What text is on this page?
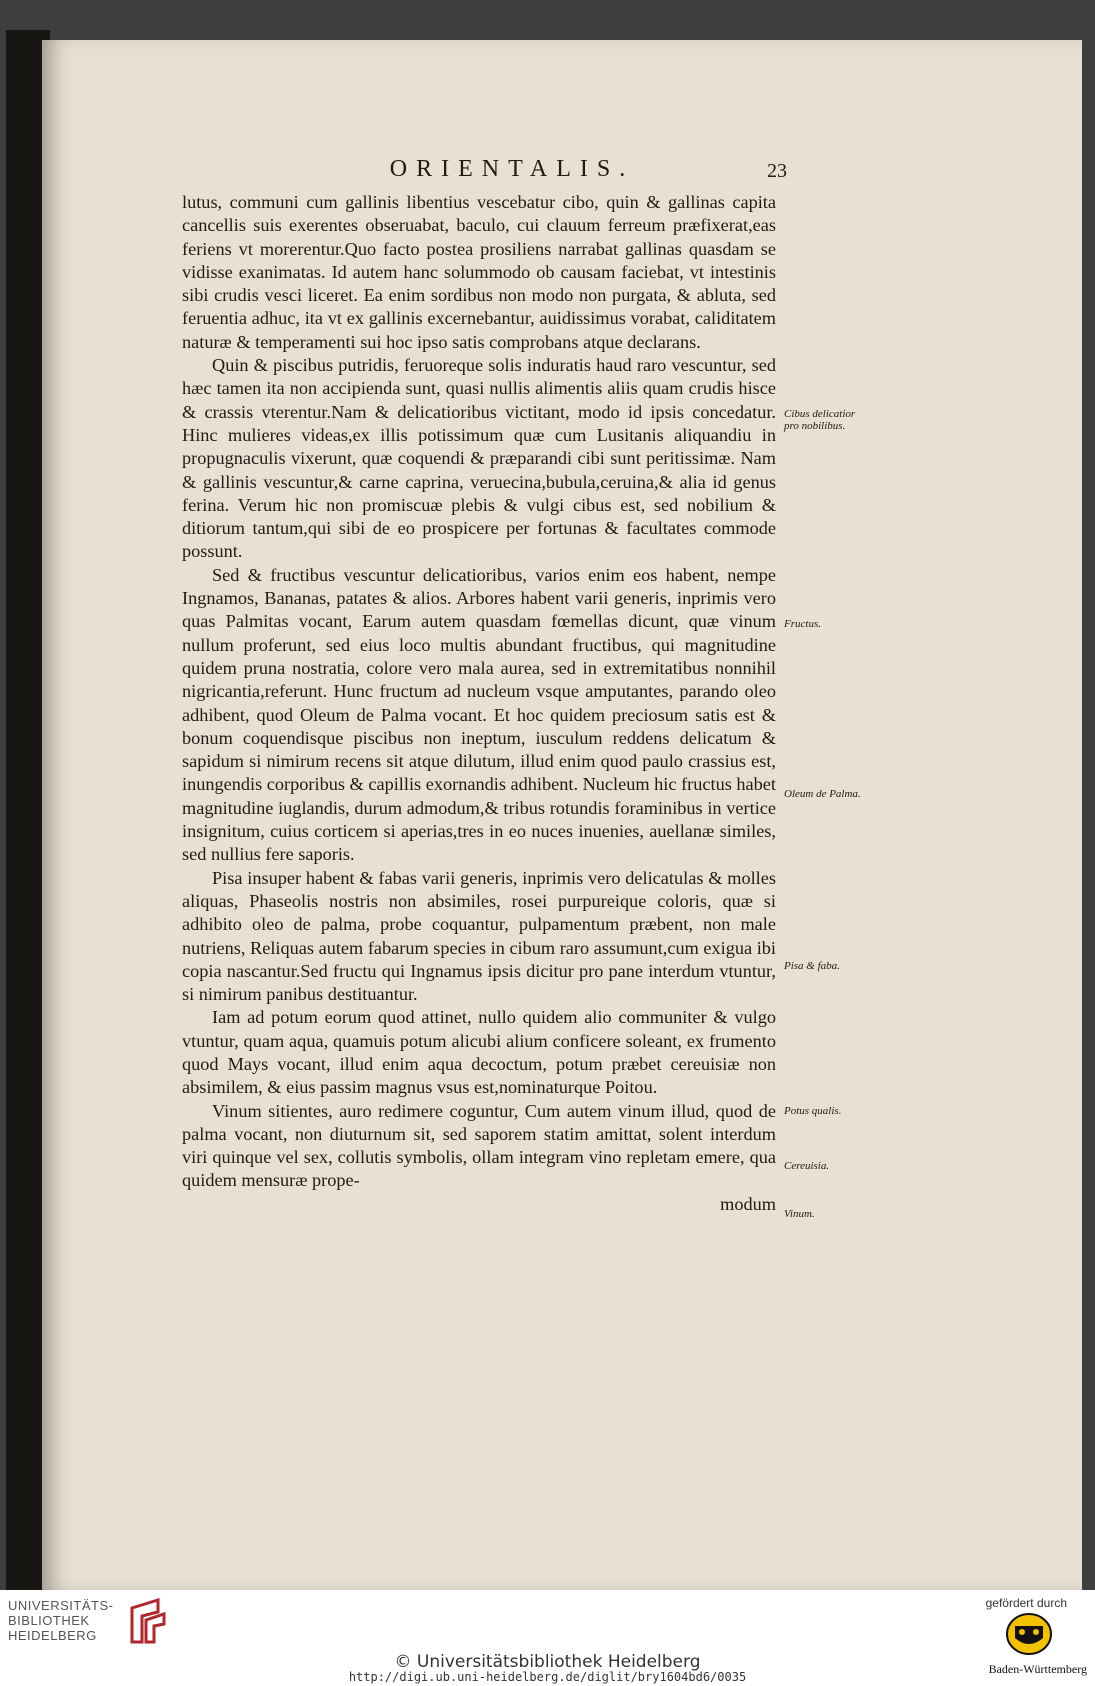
ORIENTALIS.	23

lutus, communi cum gallinis libentius vescebatur cibo, quin & gallinas capita cancellis suis exerentes obseruabat, baculo, cui clauum ferreum præfixerat,eas feriens vt morerentur.Quo facto postea prosiliens narrabat gallinas quasdam se vidisse exanimatas. Id autem hanc solummodo ob causam faciebat, vt intestinis sibi crudis vesci liceret. Ea enim sordibus non modo non purgata, & abluta, sed feruentia adhuc, ita vt ex gallinis excernebantur, auidissimus vorabat, caliditatem naturæ & temperamenti sui hoc ipso satis comprobans atque declarans.

Quin & piscibus putridis, feruoreque solis induratis haud raro vescuntur, sed hæc tamen ita non accipienda sunt, quasi nullis alimentis aliis quam crudis hisce & crassis vterentur.Nam & delicatioribus victitant, modo id ipsis concedatur. Hinc mulieres videas,ex illis potissimum quæ cum Lusitanis aliquandiu in propugnaculis vixerunt, quæ coquendi & præparandi cibi sunt peritissimæ. Nam & gallinis vescuntur,& carne caprina, veruecina,bubula,ceruina,& alia id genus ferina. Verum hic non promiscuæ plebis & vulgi cibus est, sed nobilium & ditiorum tantum,qui sibi de eo prospicere per fortunas & facultates commode possunt.

Sed & fructibus vescuntur delicatioribus, varios enim eos habent, nempe Ingnamos, Bananas, patates & alios. Arbores habent varii generis, inprimis vero quas Palmitas vocant, Earum autem quasdam fœmellas dicunt, quæ vinum nullum proferunt, sed eius loco multis abundant fructibus, qui magnitudine quidem pruna nostratia, colore vero mala aurea, sed in extremitatibus nonnihil nigricantia,referunt. Hunc fructum ad nucleum vsque amputantes, parando oleo adhibent, quod Oleum de Palma vocant. Et hoc quidem preciosum satis est & bonum coquendisque piscibus non ineptum, iusculum reddens delicatum & sapidum si nimirum recens sit atque dilutum, illud enim quod paulo crassius est, inungendis corporibus & capillis exornandis adhibent. Nucleum hic fructus habet magnitudine iuglandis, durum admodum,& tribus rotundis foraminibus in vertice insignitum, cuius corticem si aperias,tres in eo nuces inuenies, auellanæ similes, sed nullius fere saporis.

Pisa insuper habent & fabas varii generis, inprimis vero delicatulas & molles aliquas, Phaseolis nostris non absimiles, rosei purpureique coloris, quæ si adhibito oleo de palma, probe coquantur, pulpamentum præbent, non male nutriens, Reliquas autem fabarum species in cibum raro assumunt,cum exigua ibi copia nascantur.Sed fructu qui Ingnamus ipsis dicitur pro pane interdum vtuntur, si nimirum panibus destituantur.

Iam ad potum eorum quod attinet, nullo quidem alio communiter & vulgo vtuntur, quam aqua, quamuis potum alicubi alium conficere soleant, ex frumento quod Mays vocant, illud enim aqua decoctum, potum præbet cereuisiæ non absimilem, & eius passim magnus vsus est,nominaturque Poitou.

Vinum sitientes, auro redimere coguntur, Cum autem vinum illud, quod de palma vocant, non diuturnum sit, sed saporem statim amittat, solent interdum viri quinque vel sex, collutis symbolis, ollam integram vino repletam emere, qua quidem mensuræ prope-

modum

Cibus delicatior pro nobilibus.
Fructus.
Oleum de Palma.
Pisa & faba.
Potus qualis.
Cereuisia.
Vinum.
UNIVERSITÄTS-
BIBLIOTHEK
HEIDELBERG
© Universitätsbibliothek Heidelberg
http://digi.ub.uni-heidelberg.de/diglit/bry1604bd6/0035
gefördert durch
Baden-Württemberg
